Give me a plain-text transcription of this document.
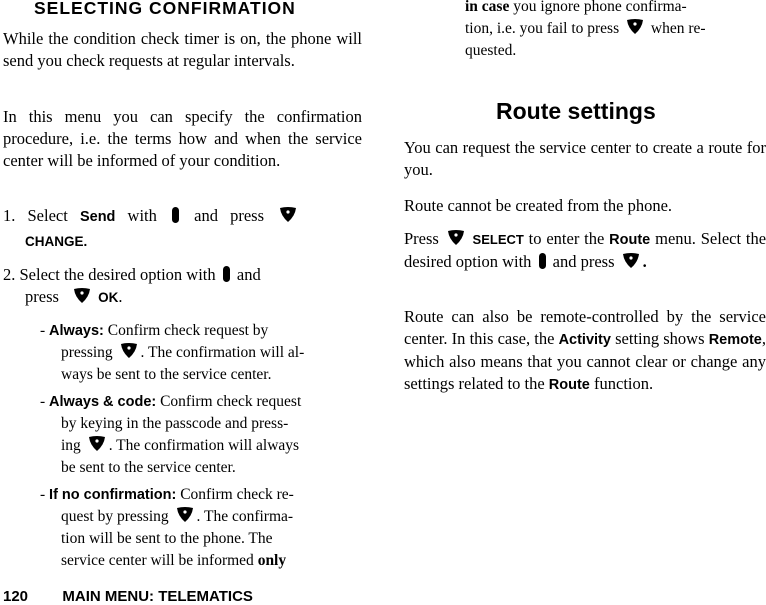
SELECTING CONFIRMATION
While the condition check timer is on, the phone will send you check requests at regular intervals.
In this menu you can specify the confirmation procedure, i.e. the terms how and when the service center will be informed of your condition.
1. Select Send with and press
CHANGE.
2. Select the desired option with and
press	OK.
- Always: Confirm check request by
pressing . The confirmation will al-
ways be sent to the service center.
- Always & code: Confirm check request
by keying in the passcode and press-
ing . The confirmation will always
be sent to the service center.
- If no confirmation: Confirm check re-
quest by pressing . The confirma-
tion will be sent to the phone. The
service center will be informed only
in case you ignore phone confirma-
tion, i.e. you fail to press when re-
quested.
Route settings
You can request the service center to create a route for you.
Route cannot be created from the phone.
Press	SELECT to enter the Route menu. Select the desired option with and press .
Route can also be remote-controlled by the service center. In this case, the Activity setting shows Remote, which also means that you cannot clear or change any settings related to the Route function.
120 MAIN MENU: TELEMATICS
